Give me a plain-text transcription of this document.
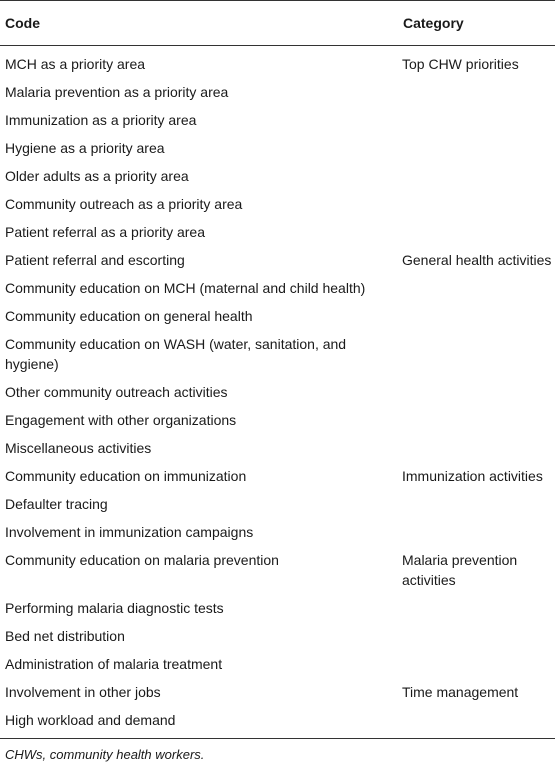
Code	Category
MCH as a priority area	Top CHW priorities
Malaria prevention as a priority area	
Immunization as a priority area	
Hygiene as a priority area	
Older adults as a priority area	
Community outreach as a priority area	
Patient referral as a priority area	
Patient referral and escorting	General health activities
Community education on MCH (maternal and child health)	
Community education on general health	
Community education on WASH (water, sanitation, and hygiene)	
Other community outreach activities	
Engagement with other organizations	
Miscellaneous activities	
Community education on immunization	Immunization activities
Defaulter tracing	
Involvement in immunization campaigns	
Community education on malaria prevention	Malaria prevention activities
Performing malaria diagnostic tests	
Bed net distribution	
Administration of malaria treatment	
Involvement in other jobs	Time management
High workload and demand	
CHWs, community health workers.
